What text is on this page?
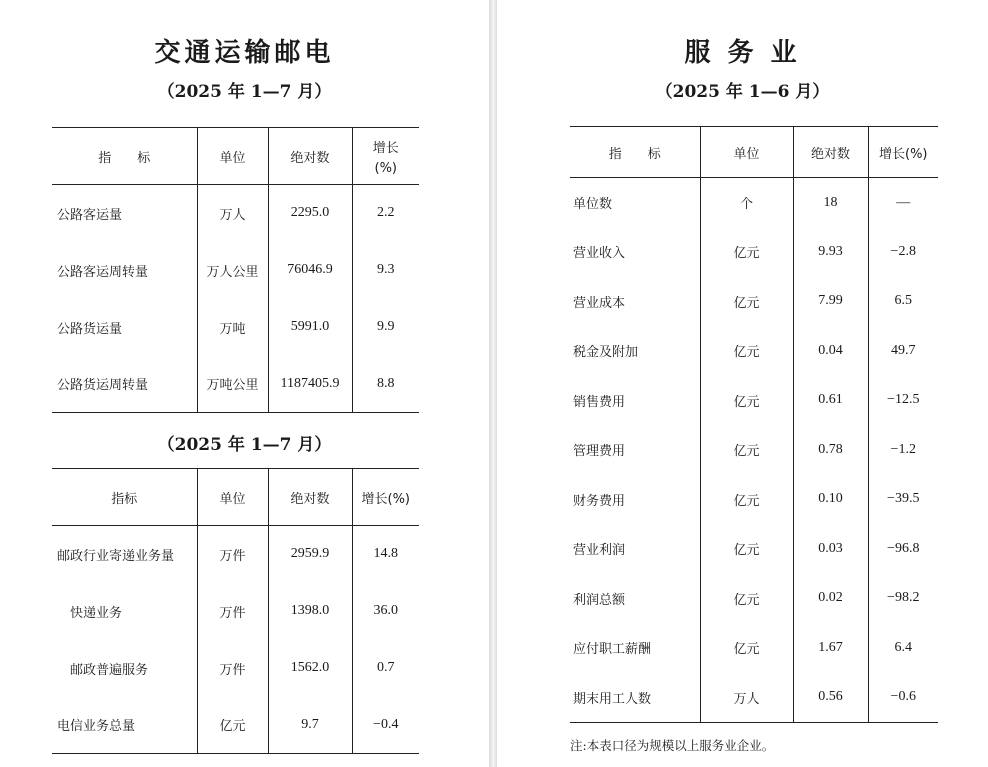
交通运输邮电
（2025 年 1—7 月）
指　　标	单位	绝对数	增长
(%)

公路客运量	万人	2295.0	2.2
公路客运周转量	万人公里	76046.9	9.3
公路货运量	万吨	5991.0	9.9
公路货运周转量	万吨公里	1187405.9	8.8
（2025 年 1—7 月）
指标	单位	绝对数	增长(%)
邮政行业寄递业务量	万件	2959.9	14.8
快递业务	万件	1398.0	36.0
邮政普遍服务	万件	1562.0	0.7
电信业务总量	亿元	9.7	−0.4
服 务 业
（2025 年 1—6 月）
指　　标	单位	绝对数	增长(%)
单位数	个	18	—
营业收入	亿元	9.93	−2.8
营业成本	亿元	7.99	6.5
税金及附加	亿元	0.04	49.7
销售费用	亿元	0.61	−12.5
管理费用	亿元	0.78	−1.2
财务费用	亿元	0.10	−39.5
营业利润	亿元	0.03	−96.8
利润总额	亿元	0.02	−98.2
应付职工薪酬	亿元	1.67	6.4
期末用工人数	万人	0.56	−0.6
注:本表口径为规模以上服务业企业。
